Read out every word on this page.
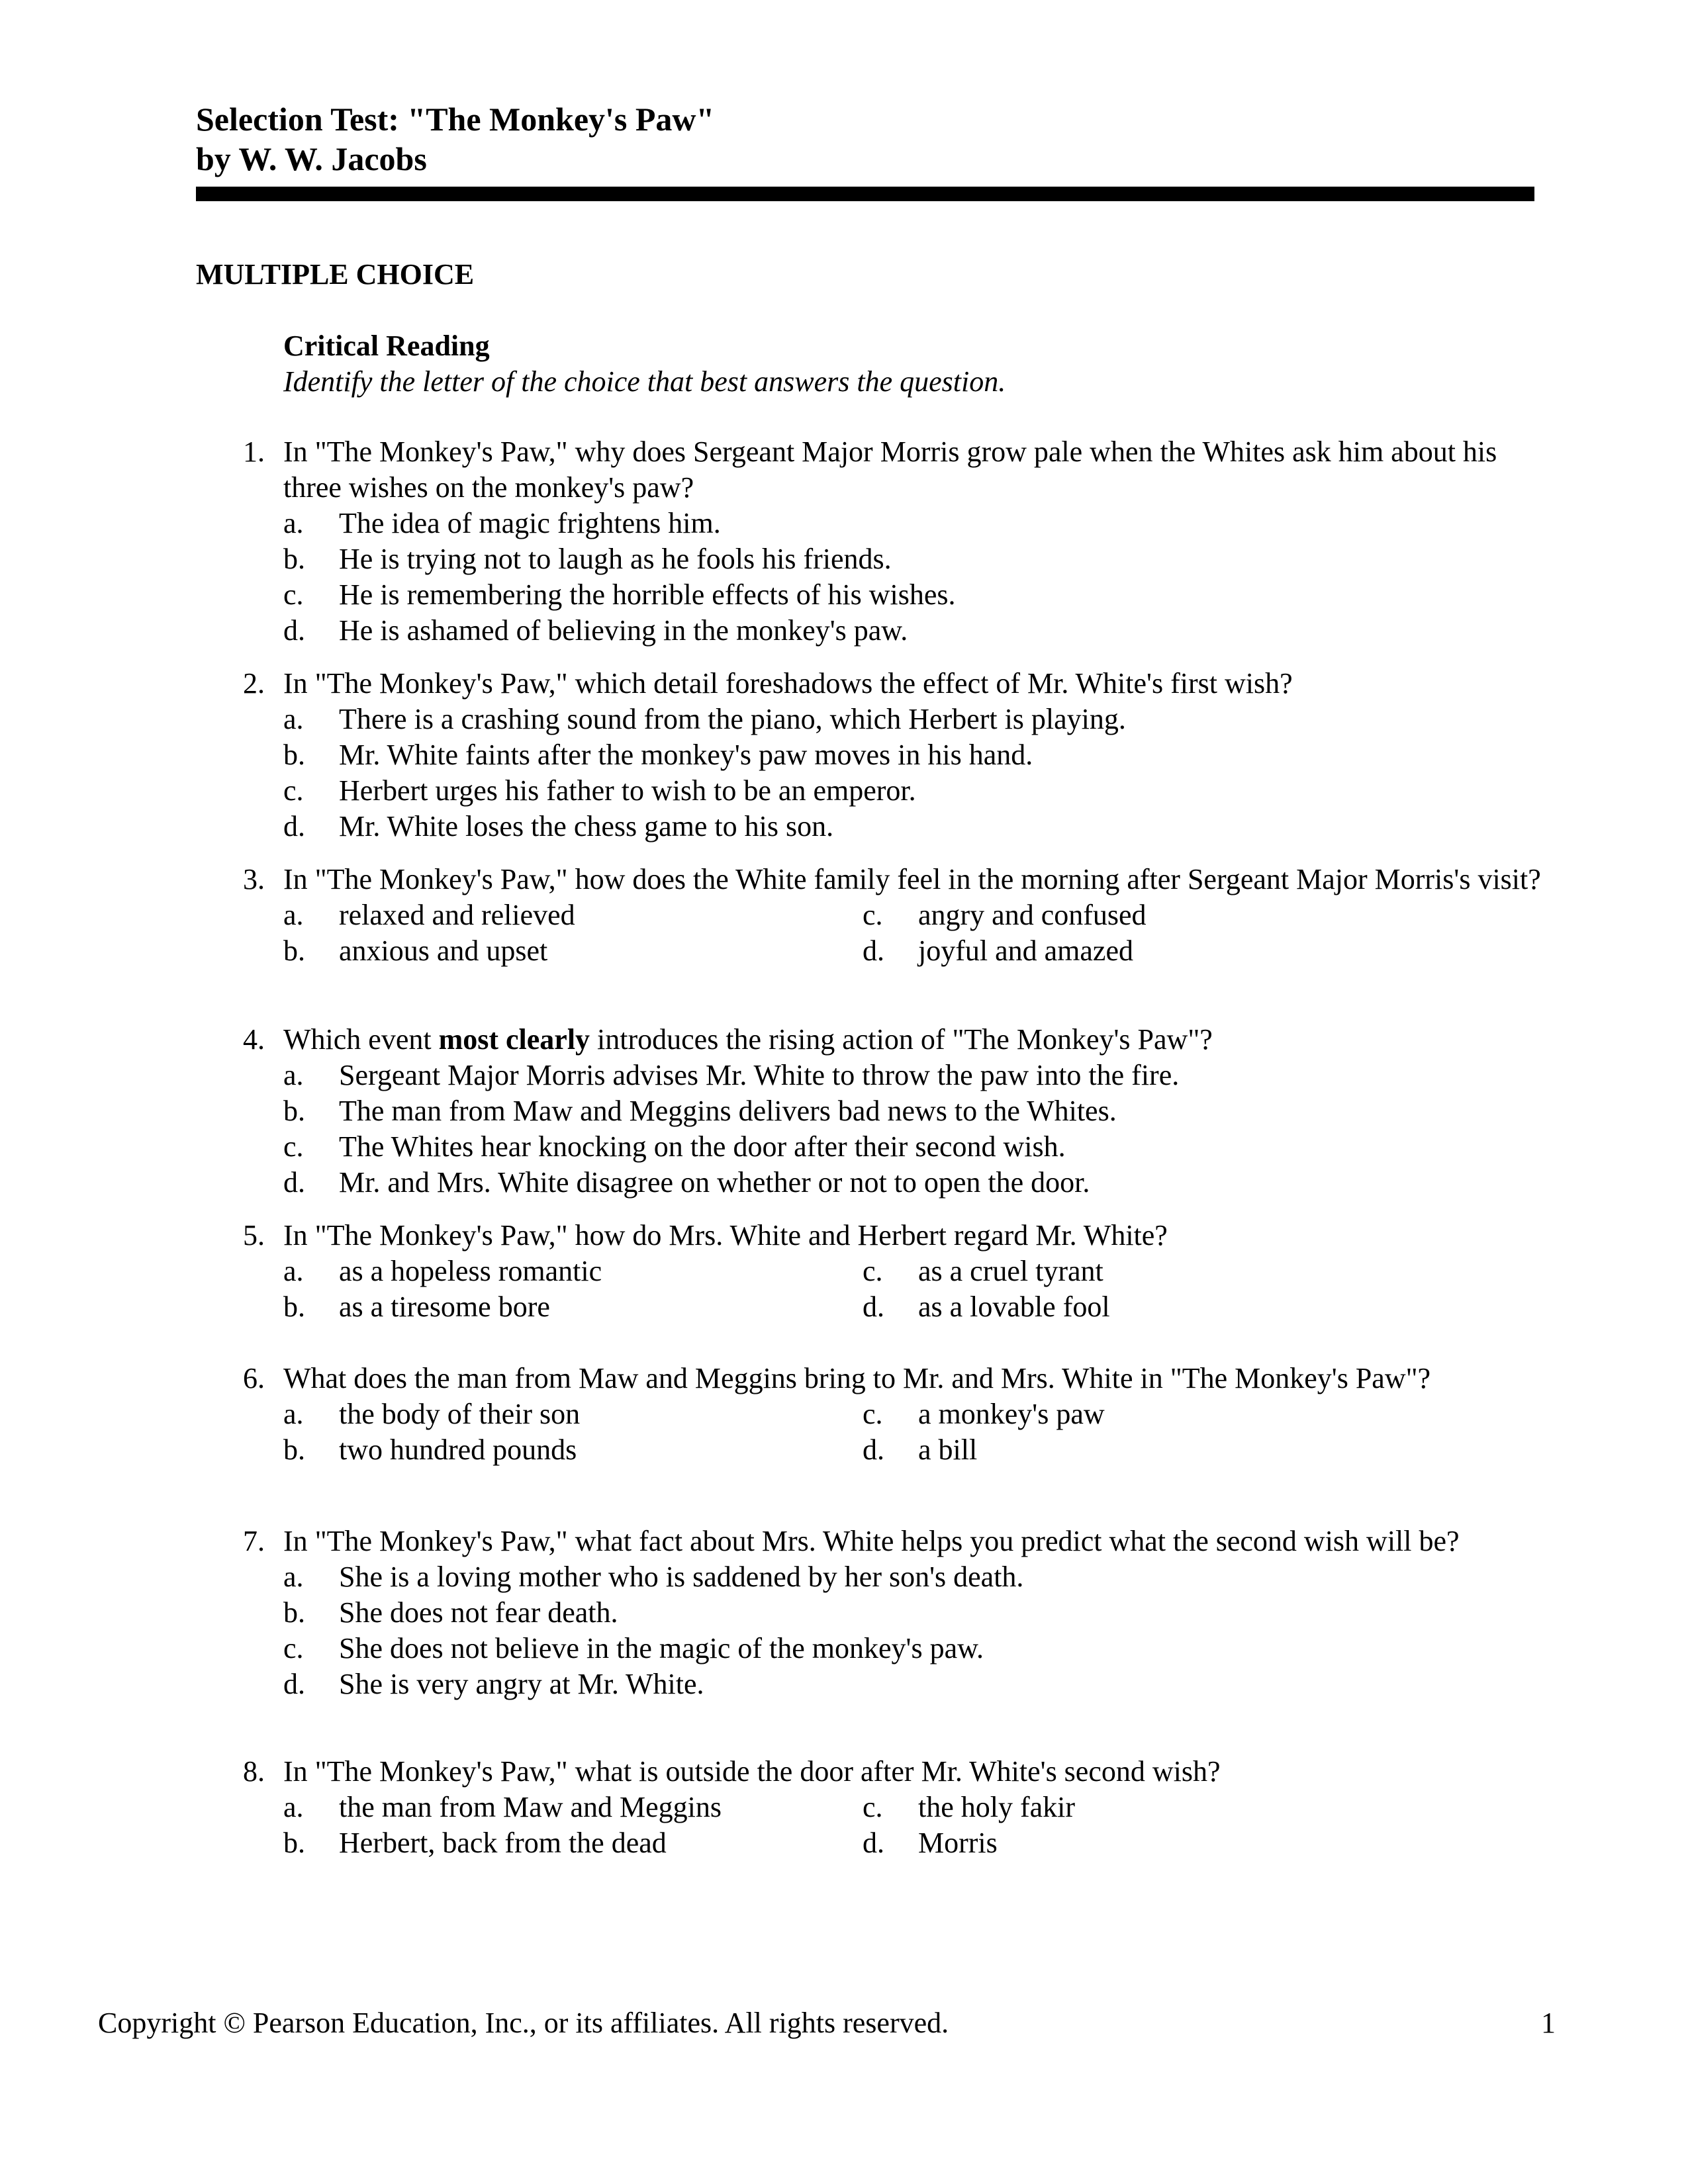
Selection Test: "The Monkey's Paw"
by W. W. Jacobs
MULTIPLE CHOICE
Critical Reading
Identify the letter of the choice that best answers the question.
1. In "The Monkey's Paw," why does Sergeant Major Morris grow pale when the Whites ask him about his three wishes on the monkey's paw?
a. The idea of magic frightens him.
b. He is trying not to laugh as he fools his friends.
c. He is remembering the horrible effects of his wishes.
d. He is ashamed of believing in the monkey's paw.
2. In "The Monkey's Paw," which detail foreshadows the effect of Mr. White's first wish?
a. There is a crashing sound from the piano, which Herbert is playing.
b. Mr. White faints after the monkey's paw moves in his hand.
c. Herbert urges his father to wish to be an emperor.
d. Mr. White loses the chess game to his son.
3. In "The Monkey's Paw," how does the White family feel in the morning after Sergeant Major Morris's visit?
a. relaxed and relieved	c. angry and confused
b. anxious and upset	d. joyful and amazed
4. Which event most clearly introduces the rising action of "The Monkey's Paw"?
a. Sergeant Major Morris advises Mr. White to throw the paw into the fire.
b. The man from Maw and Meggins delivers bad news to the Whites.
c. The Whites hear knocking on the door after their second wish.
d. Mr. and Mrs. White disagree on whether or not to open the door.
5. In "The Monkey's Paw," how do Mrs. White and Herbert regard Mr. White?
a. as a hopeless romantic	c. as a cruel tyrant
b. as a tiresome bore	d. as a lovable fool
6. What does the man from Maw and Meggins bring to Mr. and Mrs. White in "The Monkey's Paw"?
a. the body of their son	c. a monkey's paw
b. two hundred pounds	d. a bill
7. In "The Monkey's Paw," what fact about Mrs. White helps you predict what the second wish will be?
a. She is a loving mother who is saddened by her son's death.
b. She does not fear death.
c. She does not believe in the magic of the monkey's paw.
d. She is very angry at Mr. White.
8. In "The Monkey's Paw," what is outside the door after Mr. White's second wish?
a. the man from Maw and Meggins	c. the holy fakir
b. Herbert, back from the dead	d. Morris
Copyright © Pearson Education, Inc., or its affiliates. All rights reserved.	1
